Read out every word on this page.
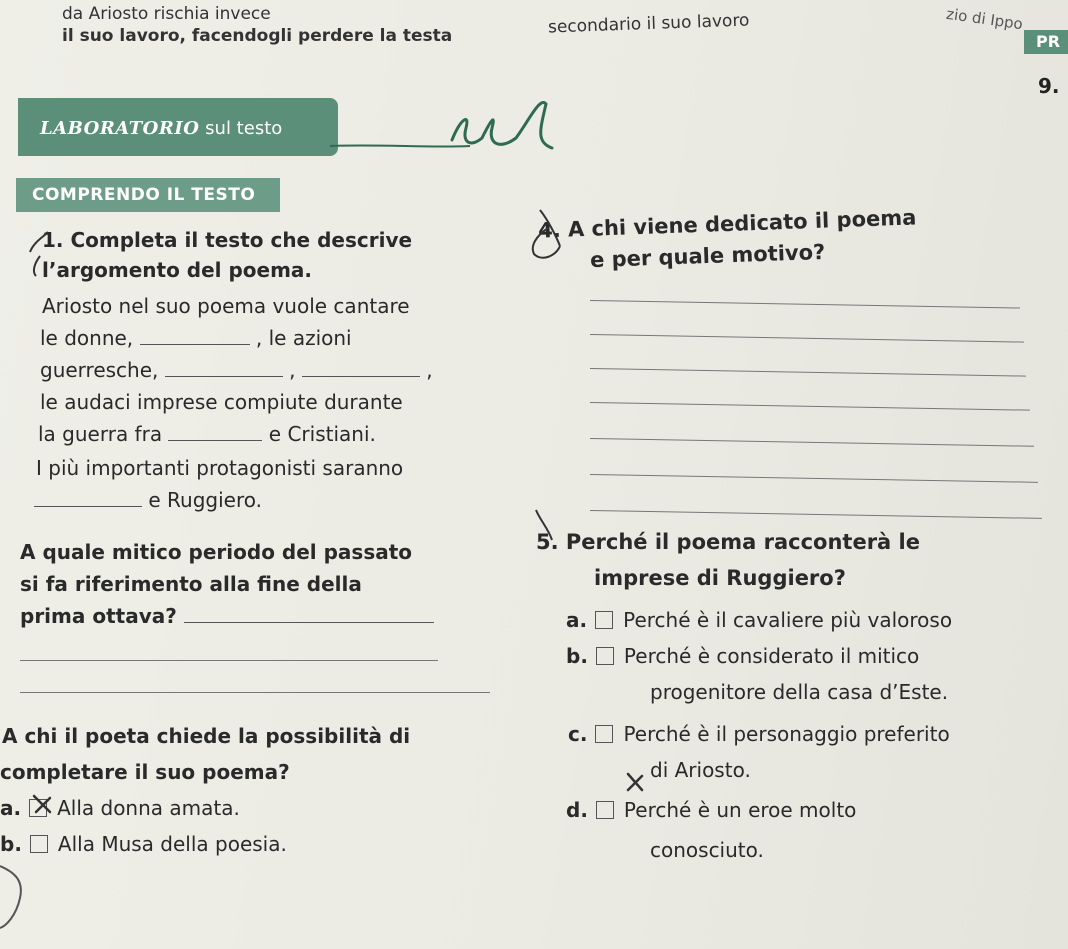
da Ariosto rischia invece
il suo lavoro, facendogli perdere la testa	secondario il suo lavoro	zio di Ippo
PR
9.
LABORATORIO sul testo
COMPRENDO IL TESTO
1. Completa il testo che descrive
l’argomento del poema.
Ariosto nel suo poema vuole cantare
le donne,	, le azioni
guerresche,	,	,
le audaci imprese compiute durante
la guerra fra	e Cristiani.
I più importanti protagonisti saranno
e Ruggiero.
A quale mitico periodo del passato
si fa riferimento alla fine della
prima ottava?
A chi il poeta chiede la possibilità di
completare il suo poema?
a. Alla donna amata.
b. Alla Musa della poesia.
4. A chi viene dedicato il poema
e per quale motivo?
5. Perché il poema racconterà le
imprese di Ruggiero?
a. Perché è il cavaliere più valoroso
b. Perché è considerato il mitico
progenitore della casa d’Este.
c. Perché è il personaggio preferito
di Ariosto.
d. Perché è un eroe molto
conosciuto.
